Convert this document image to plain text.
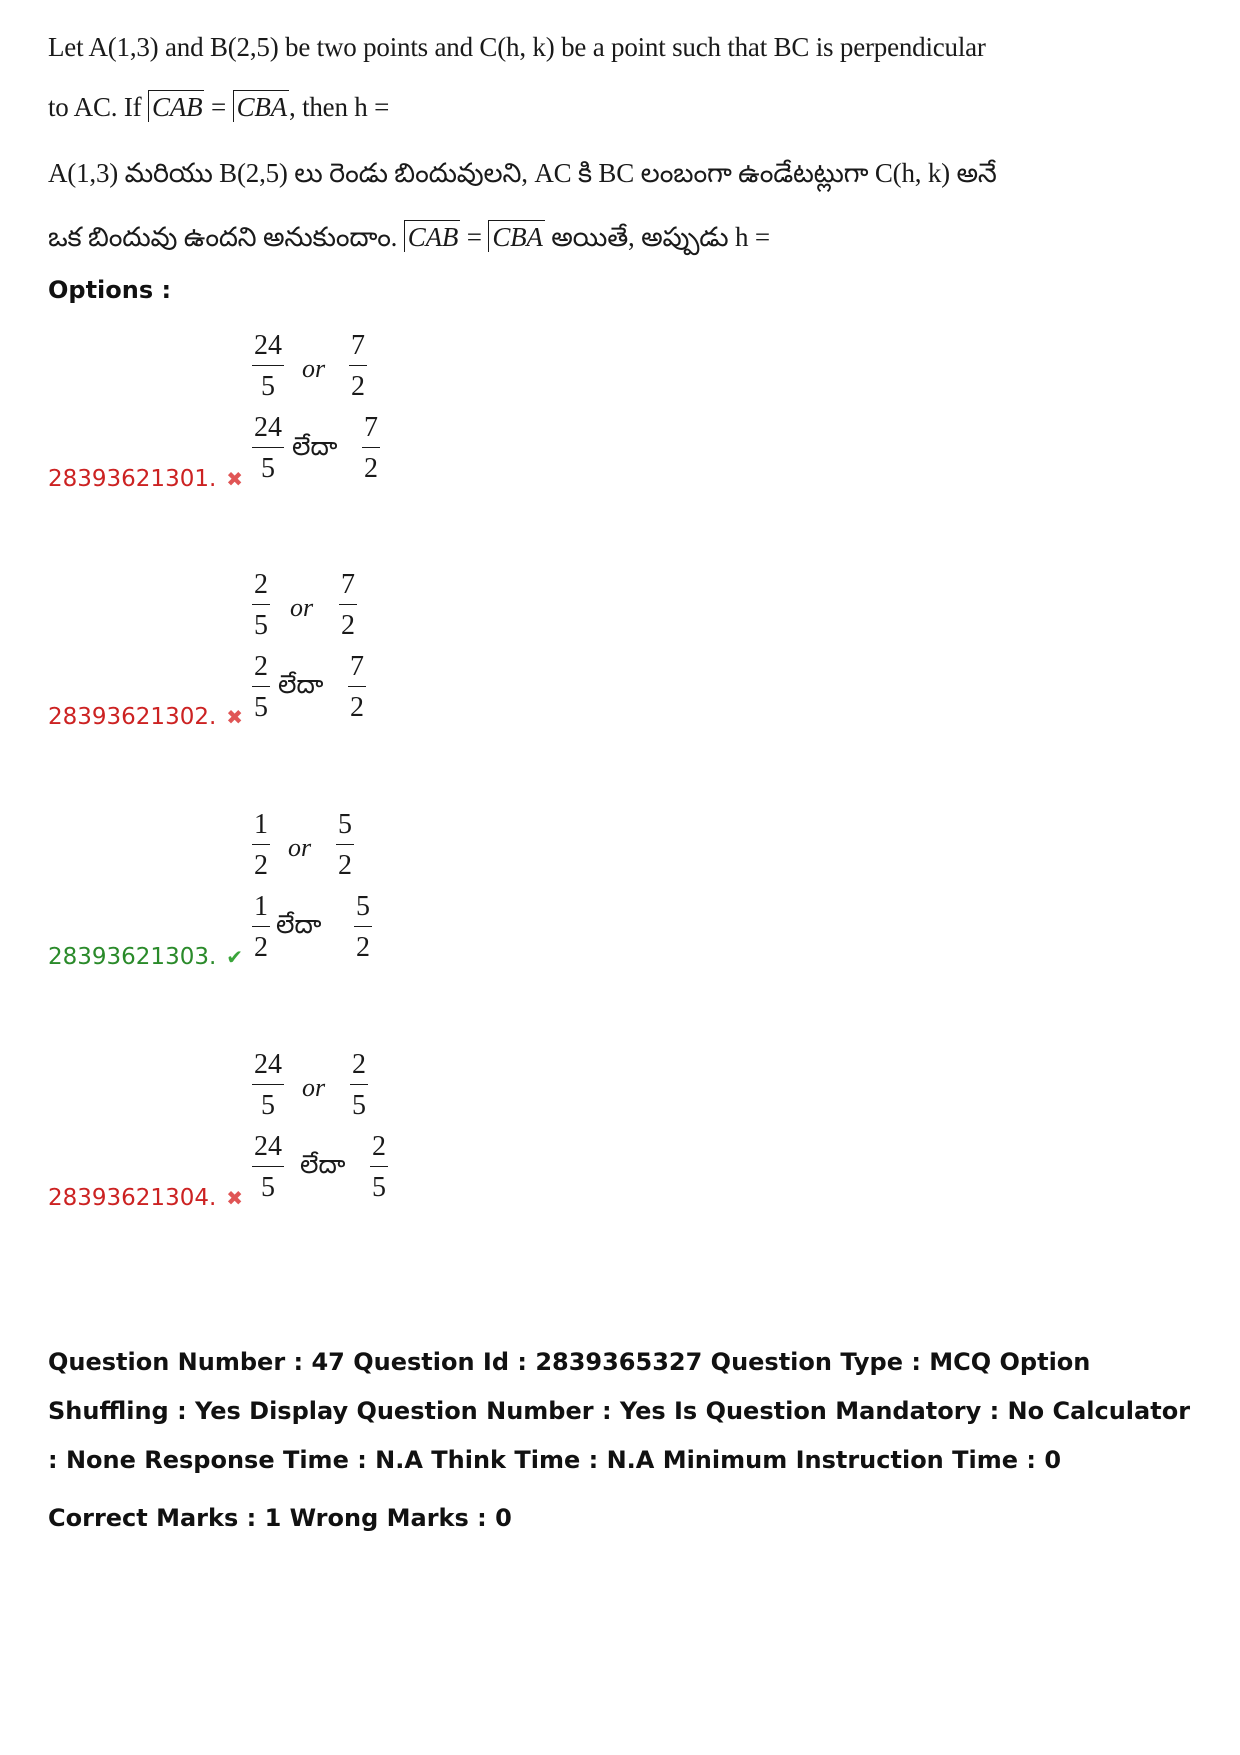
Let A(1,3) and B(2,5) be two points and C(h, k) be a point such that BC is perpendicular
to AC. If CAB = CBA, then h =
A(1,3) మరియు B(2,5) లు రెండు బిందువులని, AC కి BC లంబంగా ఉండేటట్లుగా C(h, k) అనే
ఒక బిందువు ఉందని అనుకుందాం. CAB = CBA అయితే, అప్పుడు h =
Options :
$\frac{24}{5}$ or $\frac{7}{2}$
$\frac{24}{5}$ లేదా $\frac{7}{2}$
28393621301. ✖
$\frac{2}{5}$ or $\frac{7}{2}$
$\frac{2}{5}$ లేదా $\frac{7}{2}$
28393621302. ✖
$\frac{1}{2}$ or $\frac{5}{2}$
$\frac{1}{2}$ లేదా $\frac{5}{2}$
28393621303. ✔
$\frac{24}{5}$ or $\frac{2}{5}$
$\frac{24}{5}$ లేదా $\frac{2}{5}$
28393621304. ✖
Question Number : 47 Question Id : 2839365327 Question Type : MCQ Option Shuffling : Yes Display Question Number : Yes Is Question Mandatory : No Calculator : None Response Time : N.A Think Time : N.A Minimum Instruction Time : 0
Correct Marks : 1 Wrong Marks : 0
